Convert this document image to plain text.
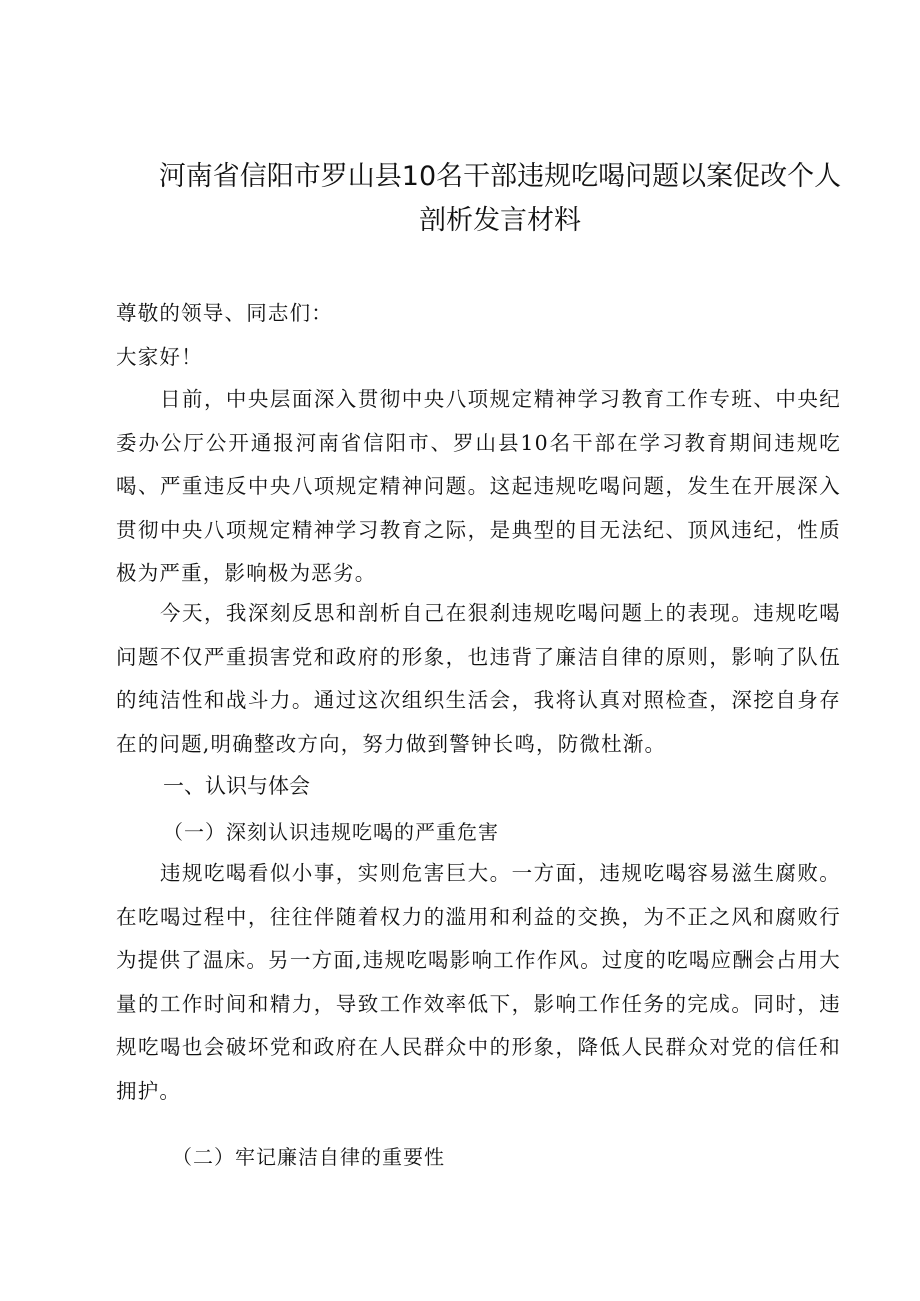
河南省信阳市罗山县10名干部违规吃喝问题以案促改个人剖析发言材料
尊敬的领导、同志们：
大家好！
日前，中央层面深入贯彻中央八项规定精神学习教育工作专班、中央纪委办公厅公开通报河南省信阳市、罗山县10名干部在学习教育期间违规吃喝、严重违反中央八项规定精神问题。这起违规吃喝问题，发生在开展深入贯彻中央八项规定精神学习教育之际，是典型的目无法纪、顶风违纪，性质极为严重，影响极为恶劣。
今天，我深刻反思和剖析自己在狠刹违规吃喝问题上的表现。违规吃喝问题不仅严重损害党和政府的形象，也违背了廉洁自律的原则，影响了队伍的纯洁性和战斗力。通过这次组织生活会，我将认真对照检查，深挖自身存在的问题,明确整改方向，努力做到警钟长鸣，防微杜渐。
一、认识与体会
（一）深刻认识违规吃喝的严重危害
违规吃喝看似小事，实则危害巨大。一方面，违规吃喝容易滋生腐败。在吃喝过程中，往往伴随着权力的滥用和利益的交换，为不正之风和腐败行为提供了温床。另一方面,违规吃喝影响工作作风。过度的吃喝应酬会占用大量的工作时间和精力，导致工作效率低下，影响工作任务的完成。同时，违规吃喝也会破坏党和政府在人民群众中的形象，降低人民群众对党的信任和拥护。
（二）牢记廉洁自律的重要性
